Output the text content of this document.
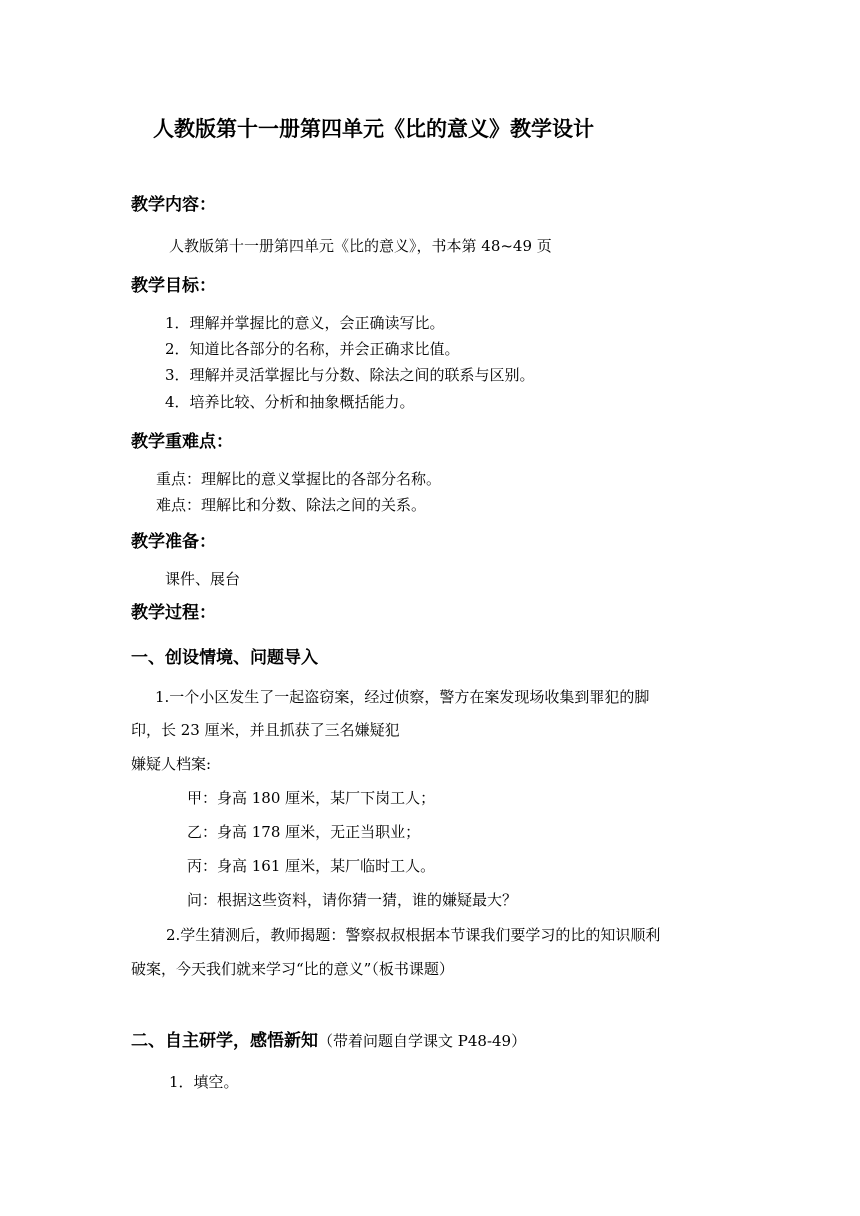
人教版第十一册第四单元《比的意义》教学设计
教学内容：
人教版第十一册第四单元《比的意义》，书本第 48~49 页
教学目标：
1．理解并掌握比的意义，会正确读写比。
2．知道比各部分的名称，并会正确求比值。
3．理解并灵活掌握比与分数、除法之间的联系与区别。
4．培养比较、分析和抽象概括能力。
教学重难点：
重点：理解比的意义掌握比的各部分名称。
难点：理解比和分数、除法之间的关系。
教学准备：
课件、展台
教学过程：
一、创设情境、问题导入
1.一个小区发生了一起盗窃案，经过侦察，警方在案发现场收集到罪犯的脚
印，长 23 厘米，并且抓获了三名嫌疑犯
嫌疑人档案:
甲：身高 180 厘米，某厂下岗工人；
乙：身高 178 厘米，无正当职业；
丙：身高 161 厘米，某厂临时工人。
问：根据这些资料，请你猜一猜，谁的嫌疑最大？
2.学生猜测后，教师揭题：警察叔叔根据本节课我们要学习的比的知识顺利
破案，今天我们就来学习“比的意义”（板书课题）
二、自主研学，感悟新知（带着问题自学课文 P48-49）
1．填空。
